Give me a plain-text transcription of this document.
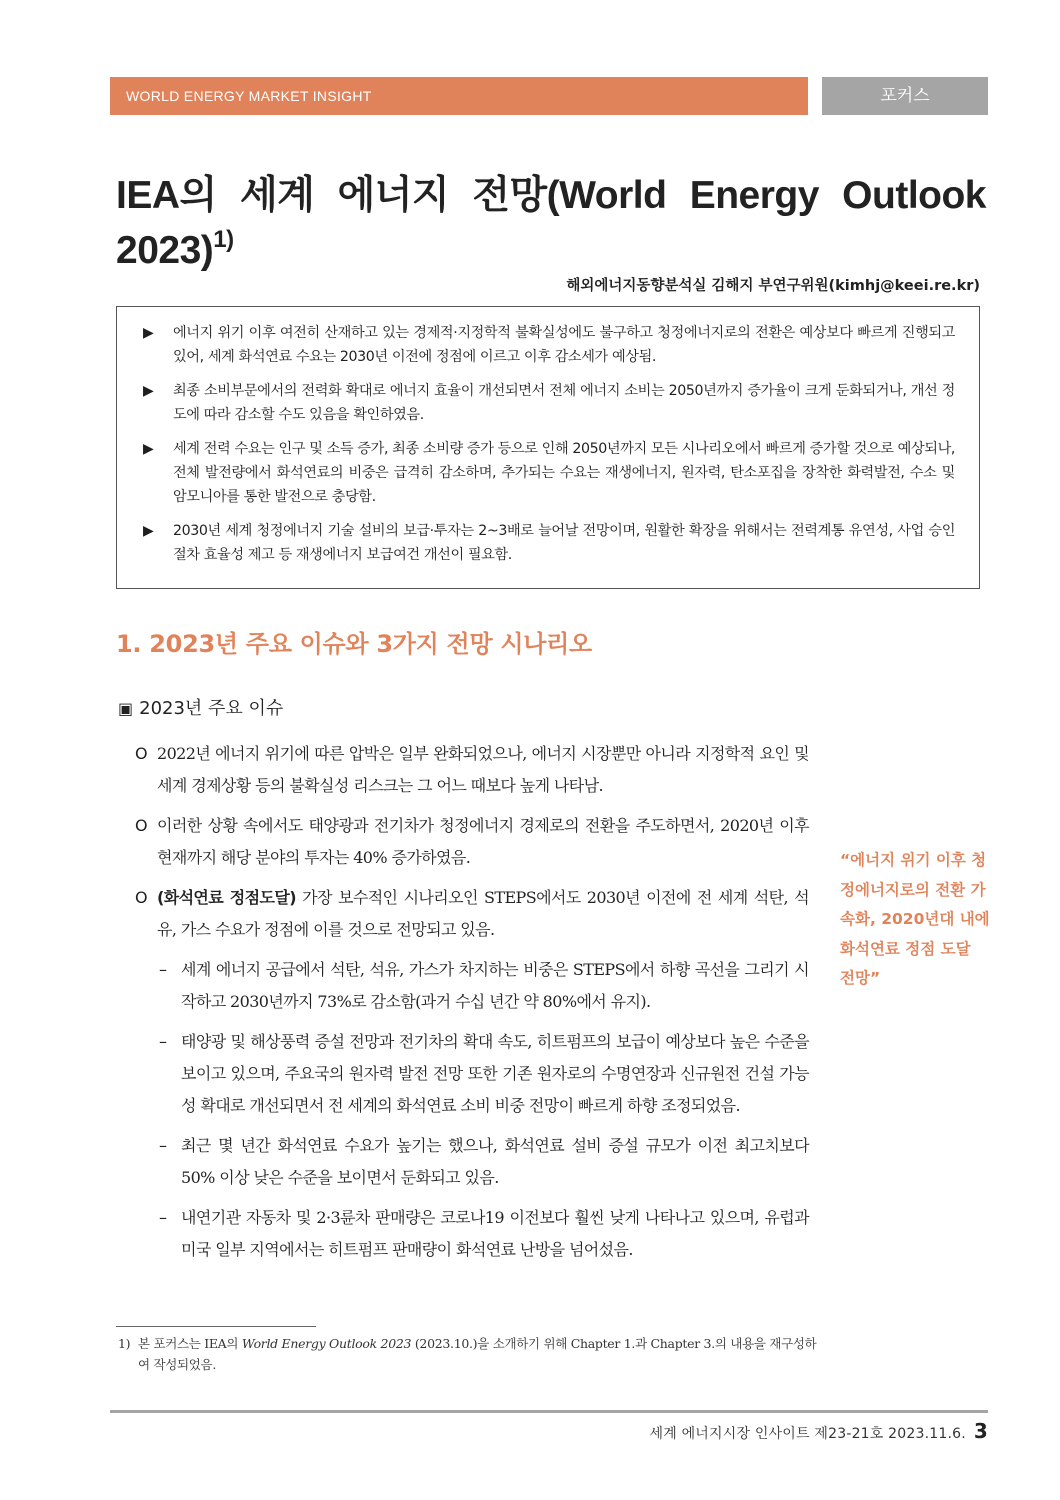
WORLD ENERGY MARKET INSIGHT	포커스
IEA의 세계 에너지 전망(World Energy Outlook 2023)$^{1)}$
해외에너지동향분석실 김해지 부연구위원(kimhj@keei.re.kr)
▶	에너지 위기 이후 여전히 산재하고 있는 경제적·지정학적 불확실성에도 불구하고 청정에너지로의 전환은 예상보다 빠르게 진행되고 있어, 세계 화석연료 수요는 2030년 이전에 정점에 이르고 이후 감소세가 예상됨.
▶	최종 소비부문에서의 전력화 확대로 에너지 효율이 개선되면서 전체 에너지 소비는 2050년까지 증가율이 크게 둔화되거나, 개선 정도에 따라 감소할 수도 있음을 확인하였음.
▶	세계 전력 수요는 인구 및 소득 증가, 최종 소비량 증가 등으로 인해 2050년까지 모든 시나리오에서 빠르게 증가할 것으로 예상되나, 전체 발전량에서 화석연료의 비중은 급격히 감소하며, 추가되는 수요는 재생에너지, 원자력, 탄소포집을 장착한 화력발전, 수소 및 암모니아를 통한 발전으로 충당함.
▶	2030년 세계 청정에너지 기술 설비의 보급·투자는 2~3배로 늘어날 전망이며, 원활한 확장을 위해서는 전력계통 유연성, 사업 승인 절차 효율성 제고 등 재생에너지 보급여건 개선이 필요함.
1. 2023년 주요 이슈와 3가지 전망 시나리오
▣ 2023년 주요 이슈
O 2022년 에너지 위기에 따른 압박은 일부 완화되었으나, 에너지 시장뿐만 아니라 지정학적 요인 및 세계 경제상황 등의 불확실성 리스크는 그 어느 때보다 높게 나타남.
O 이러한 상황 속에서도 태양광과 전기차가 청정에너지 경제로의 전환을 주도하면서, 2020년 이후 현재까지 해당 분야의 투자는 40% 증가하였음.
O (화석연료 정점도달) 가장 보수적인 시나리오인 STEPS에서도 2030년 이전에 전 세계 석탄, 석유, 가스 수요가 정점에 이를 것으로 전망되고 있음.
– 세계 에너지 공급에서 석탄, 석유, 가스가 차지하는 비중은 STEPS에서 하향 곡선을 그리기 시작하고 2030년까지 73%로 감소함(과거 수십 년간 약 80%에서 유지).
– 태양광 및 해상풍력 증설 전망과 전기차의 확대 속도, 히트펌프의 보급이 예상보다 높은 수준을 보이고 있으며, 주요국의 원자력 발전 전망 또한 기존 원자로의 수명연장과 신규원전 건설 가능성 확대로 개선되면서 전 세계의 화석연료 소비 비중 전망이 빠르게 하향 조정되었음.
– 최근 몇 년간 화석연료 수요가 높기는 했으나, 화석연료 설비 증설 규모가 이전 최고치보다 50% 이상 낮은 수준을 보이면서 둔화되고 있음.
– 내연기관 자동차 및 2·3륜차 판매량은 코로나19 이전보다 훨씬 낮게 나타나고 있으며, 유럽과 미국 일부 지역에서는 히트펌프 판매량이 화석연료 난방을 넘어섰음.
“에너지 위기 이후 청정에너지로의 전환 가속화, 2020년대 내에 화석연료 정점 도달 전망”
1) 본 포커스는 IEA의 World Energy Outlook 2023 (2023.10.)을 소개하기 위해 Chapter 1.과 Chapter 3.의 내용을 재구성하여 작성되었음.
세계 에너지시장 인사이트 제23-21호 2023.11.6. 3
